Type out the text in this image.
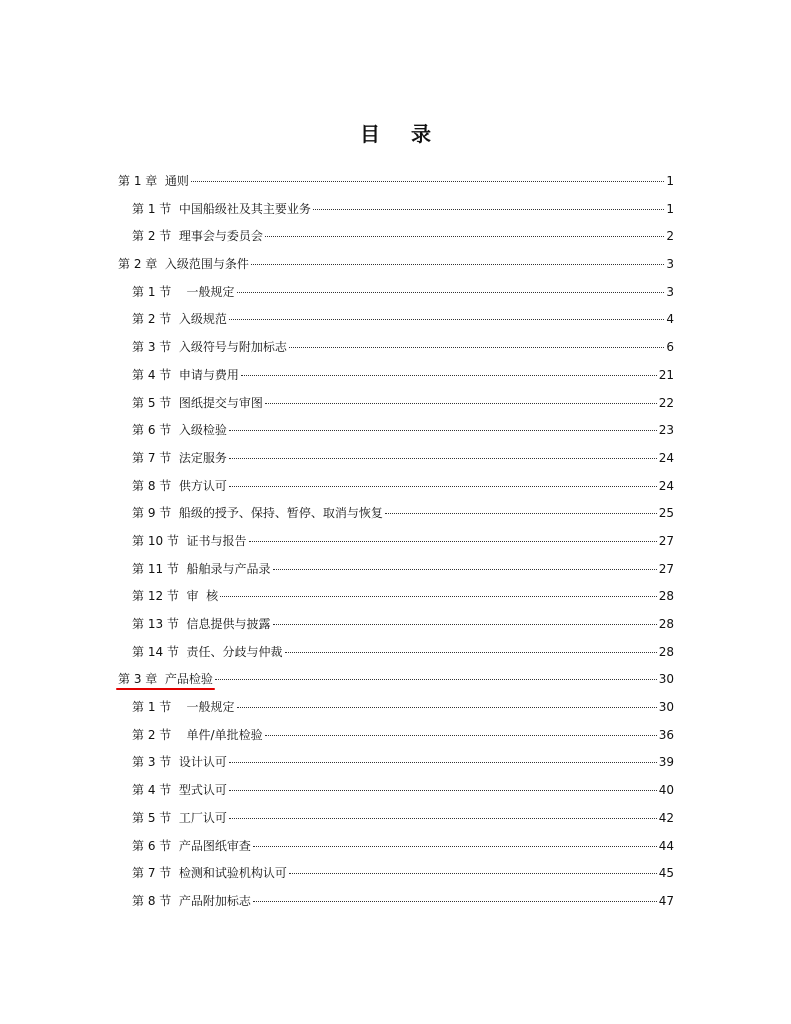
目 录
第 1 章  通则	1
第 1 节  中国船级社及其主要业务	1
第 2 节  理事会与委员会	2
第 2 章  入级范围与条件	3
第 1 节    一般规定	3
第 2 节  入级规范	4
第 3 节  入级符号与附加标志	6
第 4 节  申请与费用	21
第 5 节  图纸提交与审图	22
第 6 节  入级检验	23
第 7 节  法定服务	24
第 8 节  供方认可	24
第 9 节  船级的授予、保持、暂停、取消与恢复	25
第 10 节  证书与报告	27
第 11 节  船舶录与产品录	27
第 12 节  审  核	28
第 13 节  信息提供与披露	28
第 14 节  责任、分歧与仲裁	28
第 3 章  产品检验	30
第 1 节    一般规定	30
第 2 节    单件/单批检验	36
第 3 节  设计认可	39
第 4 节  型式认可	40
第 5 节  工厂认可	42
第 6 节  产品图纸审查	44
第 7 节  检测和试验机构认可	45
第 8 节  产品附加标志	47
